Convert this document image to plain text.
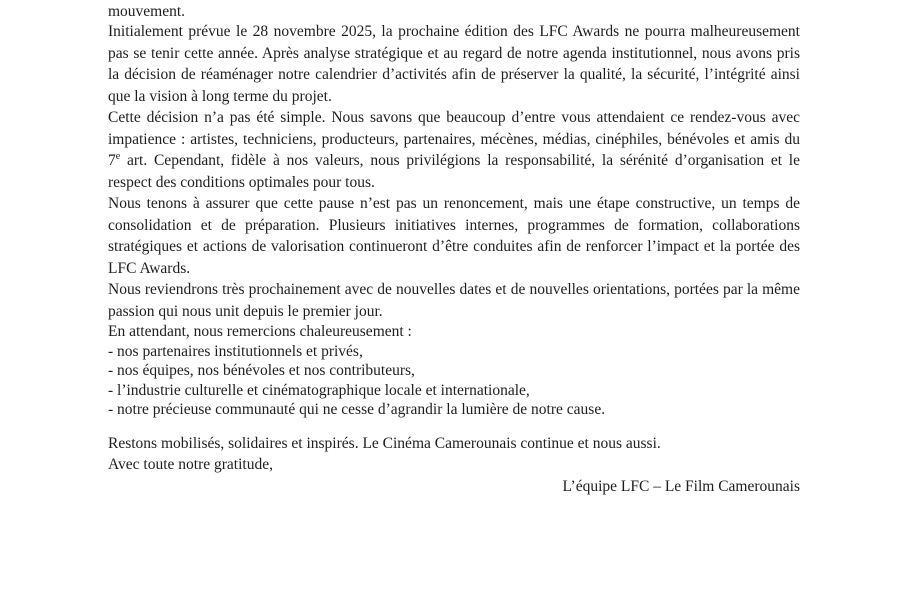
mouvement.

Initialement prévue le 28 novembre 2025, la prochaine édition des LFC Awards ne pourra malheureusement pas se tenir cette année. Après analyse stratégique et au regard de notre agenda institutionnel, nous avons pris la décision de réaménager notre calendrier d’activités afin de préserver la qualité, la sécurité, l’intégrité ainsi que la vision à long terme du projet.

Cette décision n’a pas été simple. Nous savons que beaucoup d’entre vous attendaient ce rendez-vous avec impatience : artistes, techniciens, producteurs, partenaires, mécènes, médias, cinéphiles, bénévoles et amis du 7e art. Cependant, fidèle à nos valeurs, nous privilégions la responsabilité, la sérénité d’organisation et le respect des conditions optimales pour tous.

Nous tenons à assurer que cette pause n’est pas un renoncement, mais une étape constructive, un temps de consolidation et de préparation. Plusieurs initiatives internes, programmes de formation, collaborations stratégiques et actions de valorisation continueront d’être conduites afin de renforcer l’impact et la portée des LFC Awards.

Nous reviendrons très prochainement avec de nouvelles dates et de nouvelles orientations, portées par la même passion qui nous unit depuis le premier jour.

En attendant, nous remercions chaleureusement :
- nos partenaires institutionnels et privés,
- nos équipes, nos bénévoles et nos contributeurs,
- l’industrie culturelle et cinématographique locale et internationale,
- notre précieuse communauté qui ne cesse d’agrandir la lumière de notre cause.

Restons mobilisés, solidaires et inspirés. Le Cinéma Camerounais continue et nous aussi.

Avec toute notre gratitude,

L’équipe LFC – Le Film Camerounais
